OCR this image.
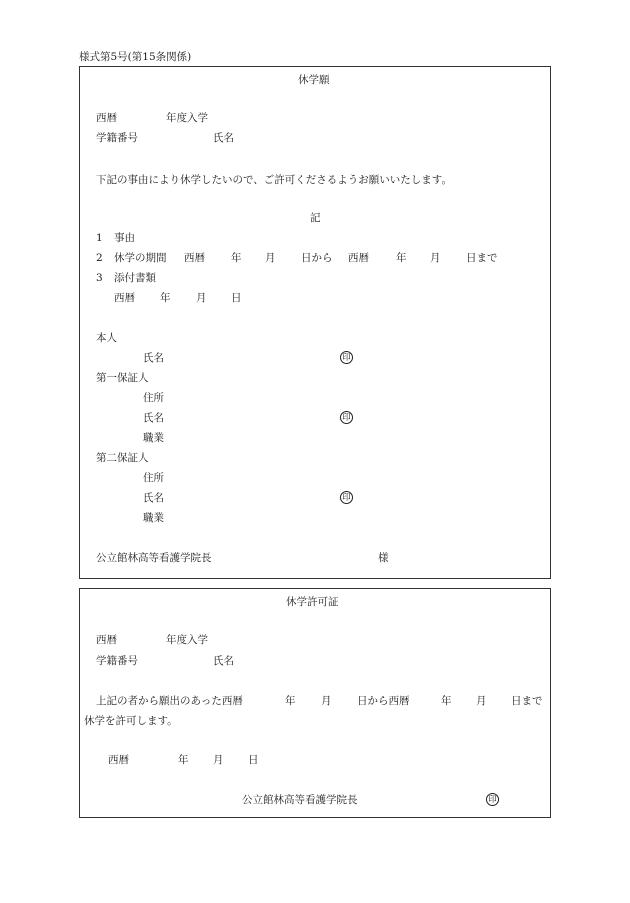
様式第5号(第15条関係)
休学願
西暦	年度入学
学籍番号	氏名
下記の事由により休学したいので、ご許可くださるようお願いいたします。
記
1 事由
2 休学の期間 西暦 年 月 日から 西暦	年 月 日まで
3 添付書類
西暦 年 月 日
本人
氏名	印
第一保証人
住所
氏名	印
職業
第二保証人
住所
氏名	印
職業
公立館林高等看護学院長	様
休学許可証
西暦	年度入学
学籍番号	氏名
上記の者から願出のあった西暦	年 月 日から西暦	年 月 日まで
休学を許可します。
西暦	年 月 日
公立館林高等看護学院長	印
